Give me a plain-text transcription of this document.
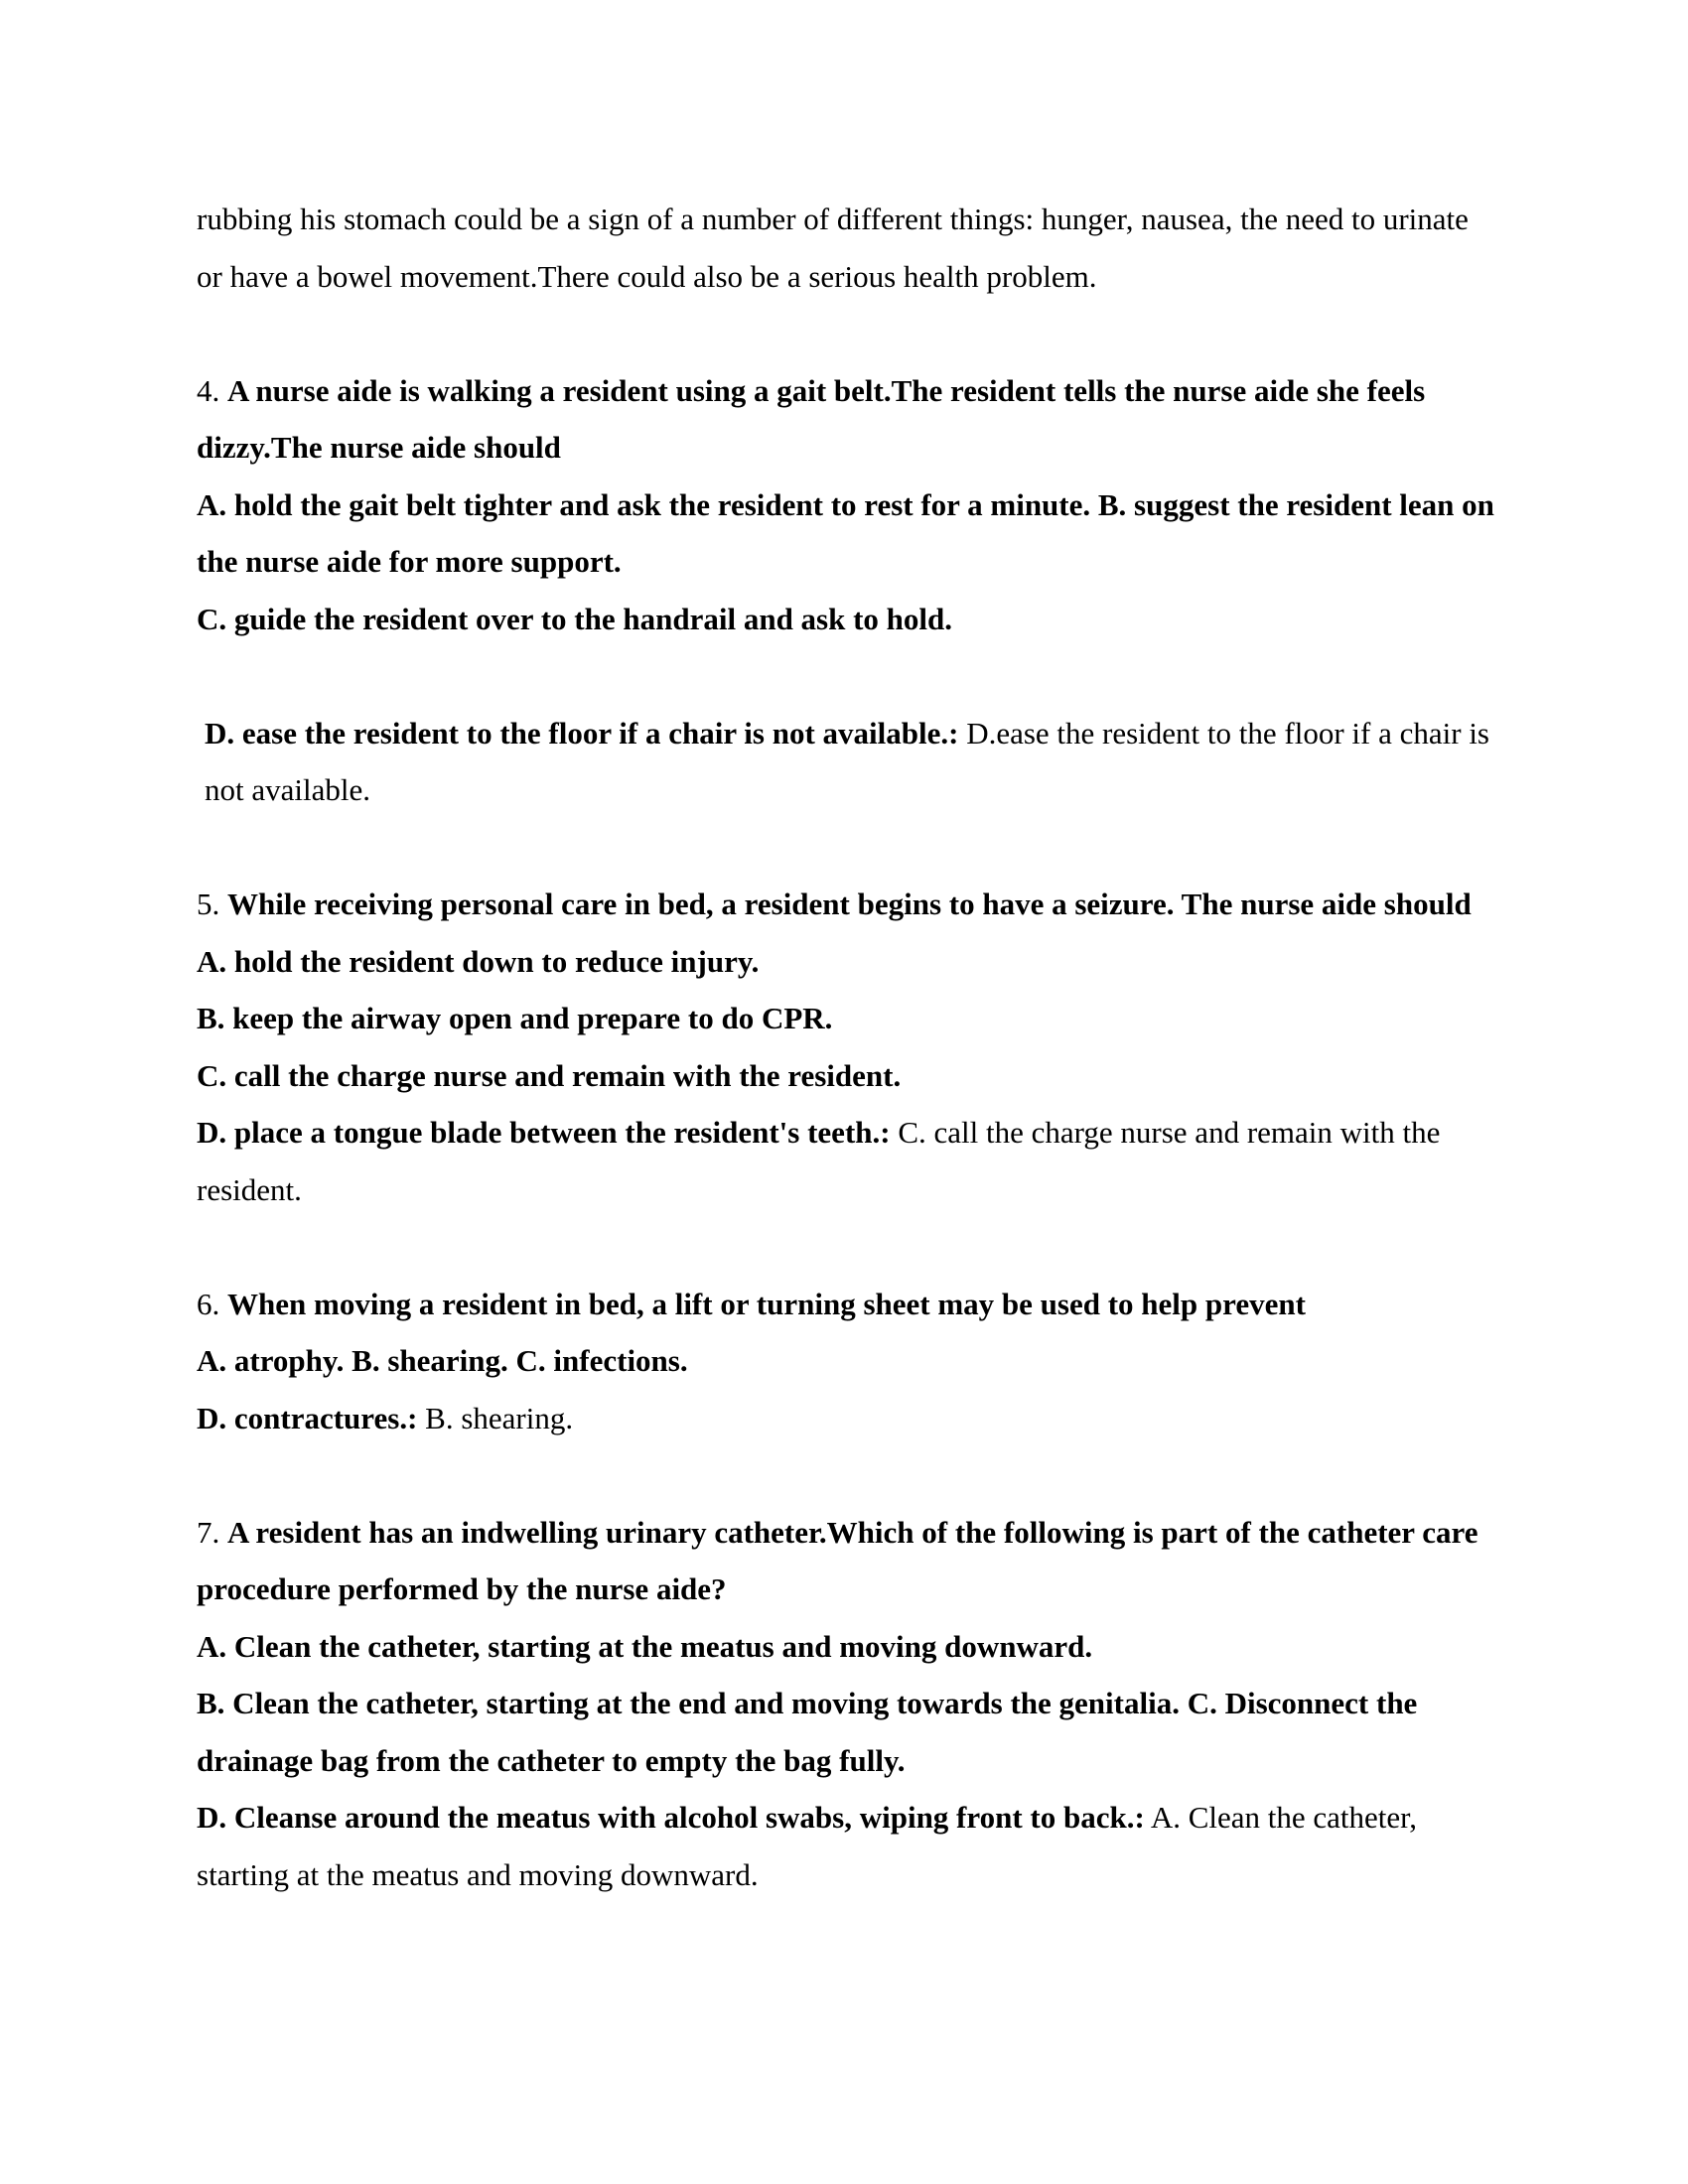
rubbing his stomach could be a sign of a number of different things: hunger, nausea, the need to urinate or have a bowel movement.There could also be a serious health problem.

4. A nurse aide is walking a resident using a gait belt.The resident tells the nurse aide she feels dizzy.The nurse aide should

A. hold the gait belt tighter and ask the resident to rest for a minute. B. suggest the resident lean on the nurse aide for more support.

C. guide the resident over to the handrail and ask to hold.

D. ease the resident to the floor if a chair is not available.: D.ease the resident to the floor if a chair is not available.

5. While receiving personal care in bed, a resident begins to have a seizure. The nurse aide should

A. hold the resident down to reduce injury.

B. keep the airway open and prepare to do CPR.

C. call the charge nurse and remain with the resident.

D. place a tongue blade between the resident's teeth.: C. call the charge nurse and remain with the resident.

6. When moving a resident in bed, a lift or turning sheet may be used to help prevent

A. atrophy. B. shearing. C. infections.

D. contractures.: B. shearing.

7. A resident has an indwelling urinary catheter.Which of the following is part of the catheter care procedure performed by the nurse aide?

A. Clean the catheter, starting at the meatus and moving downward.

B. Clean the catheter, starting at the end and moving towards the genitalia. C. Disconnect the drainage bag from the catheter to empty the bag fully.

D. Cleanse around the meatus with alcohol swabs, wiping front to back.: A. Clean the catheter, starting at the meatus and moving downward.
